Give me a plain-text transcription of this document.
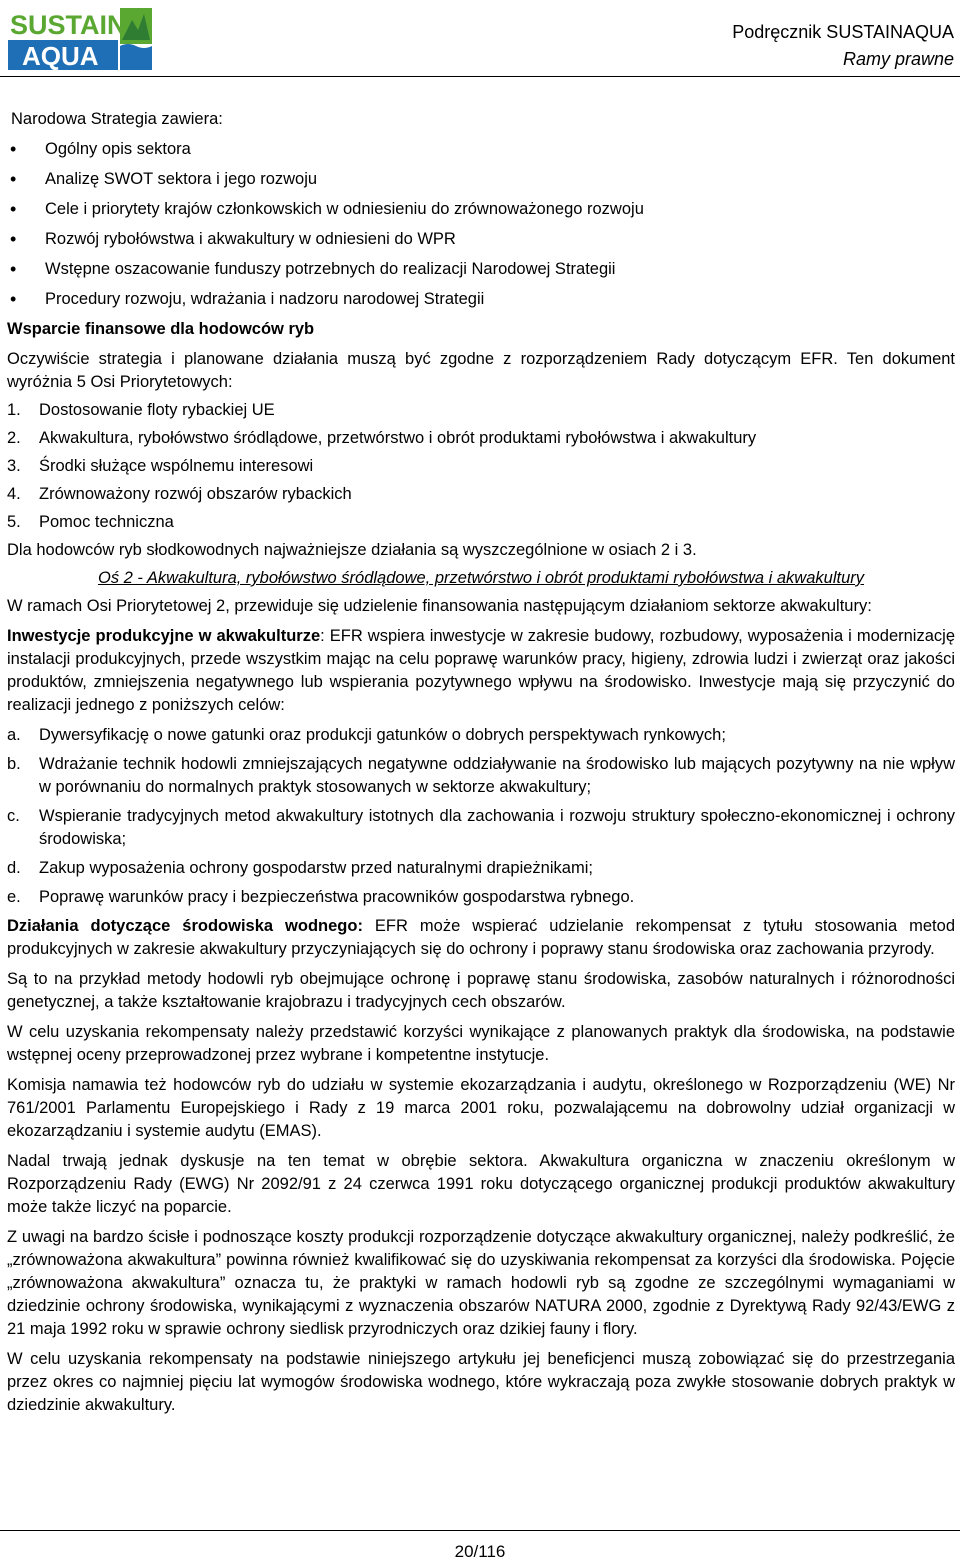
SUSTAIN
AQUA
Podręcznik SUSTAINAQUA
Ramy prawne
Narodowa Strategia zawiera:
• Ogólny opis sektora
• Analizę SWOT sektora i jego rozwoju
• Cele i priorytety krajów członkowskich w odniesieniu do zrównoważonego rozwoju
• Rozwój rybołówstwa i akwakultury w odniesieni do WPR
• Wstępne oszacowanie funduszy potrzebnych do realizacji Narodowej Strategii
• Procedury rozwoju, wdrażania i nadzoru narodowej Strategii
Wsparcie finansowe dla hodowców ryb
Oczywiście strategia i planowane działania muszą być zgodne z rozporządzeniem Rady dotyczącym EFR. Ten dokument wyróżnia 5 Osi Priorytetowych:
1.	Dostosowanie floty rybackiej UE
2.	Akwakultura, rybołówstwo śródlądowe, przetwórstwo i obrót produktami rybołówstwa i akwakultury
3.	Środki służące wspólnemu interesowi
4.	Zrównoważony rozwój obszarów rybackich
5.	Pomoc techniczna
Dla hodowców ryb słodkowodnych najważniejsze działania są wyszczególnione w osiach 2 i 3.
Oś 2 - Akwakultura, rybołówstwo śródlądowe, przetwórstwo i obrót produktami rybołówstwa i akwakultury
W ramach Osi Priorytetowej 2, przewiduje się udzielenie finansowania następującym działaniom sektorze akwakultury:
Inwestycje produkcyjne w akwakulturze: EFR wspiera inwestycje w zakresie budowy, rozbudowy, wyposażenia i modernizację instalacji produkcyjnych, przede wszystkim mając na celu poprawę warunków pracy, higieny, zdrowia ludzi i zwierząt oraz jakości produktów, zmniejszenia negatywnego lub wspierania pozytywnego wpływu na środowisko. Inwestycje mają się przyczynić do realizacji jednego z poniższych celów:
a.	Dywersyfikację o nowe gatunki oraz produkcji gatunków o dobrych perspektywach rynkowych;
b.	Wdrażanie technik hodowli zmniejszających negatywne oddziaływanie na środowisko lub mających pozytywny na nie wpływ w porównaniu do normalnych praktyk stosowanych w sektorze akwakultury;
c.	Wspieranie tradycyjnych metod akwakultury istotnych dla zachowania i rozwoju struktury społeczno-ekonomicznej i ochrony środowiska;
d.	Zakup wyposażenia ochrony gospodarstw przed naturalnymi drapieżnikami;
e.	Poprawę warunków pracy i bezpieczeństwa pracowników gospodarstwa rybnego.
Działania dotyczące środowiska wodnego: EFR może wspierać udzielanie rekompensat z tytułu stosowania metod produkcyjnych w zakresie akwakultury przyczyniających się do ochrony i poprawy stanu środowiska oraz zachowania przyrody.
Są to na przykład metody hodowli ryb obejmujące ochronę i poprawę stanu środowiska, zasobów naturalnych i różnorodności genetycznej, a także kształtowanie krajobrazu i tradycyjnych cech obszarów.
W celu uzyskania rekompensaty należy przedstawić korzyści wynikające z planowanych praktyk dla środowiska, na podstawie wstępnej oceny przeprowadzonej przez wybrane i kompetentne instytucje.
Komisja namawia też hodowców ryb do udziału w systemie ekozarządzania i audytu, określonego w Rozporządzeniu (WE) Nr 761/2001 Parlamentu Europejskiego i Rady z 19 marca 2001 roku, pozwalającemu na dobrowolny udział organizacji w ekozarządzaniu i systemie audytu (EMAS).
Nadal trwają jednak dyskusje na ten temat w obrębie sektora. Akwakultura organiczna w znaczeniu określonym w Rozporządzeniu Rady (EWG) Nr 2092/91 z 24 czerwca 1991 roku dotyczącego organicznej produkcji produktów akwakultury może także liczyć na poparcie.
Z uwagi na bardzo ścisłe i podnoszące koszty produkcji rozporządzenie dotyczące akwakultury organicznej, należy podkreślić, że „zrównoważona akwakultura” powinna również kwalifikować się do uzyskiwania rekompensat za korzyści dla środowiska. Pojęcie „zrównoważona akwakultura” oznacza tu, że praktyki w ramach hodowli ryb są zgodne ze szczególnymi wymaganiami w dziedzinie ochrony środowiska, wynikającymi z wyznaczenia obszarów NATURA 2000, zgodnie z Dyrektywą Rady 92/43/EWG z 21 maja 1992 roku w sprawie ochrony siedlisk przyrodniczych oraz dzikiej fauny i flory.
W celu uzyskania rekompensaty na podstawie niniejszego artykułu jej beneficjenci muszą zobowiązać się do przestrzegania przez okres co najmniej pięciu lat wymogów środowiska wodnego, które wykraczają poza zwykłe stosowanie dobrych praktyk w dziedzinie akwakultury.
20/116
